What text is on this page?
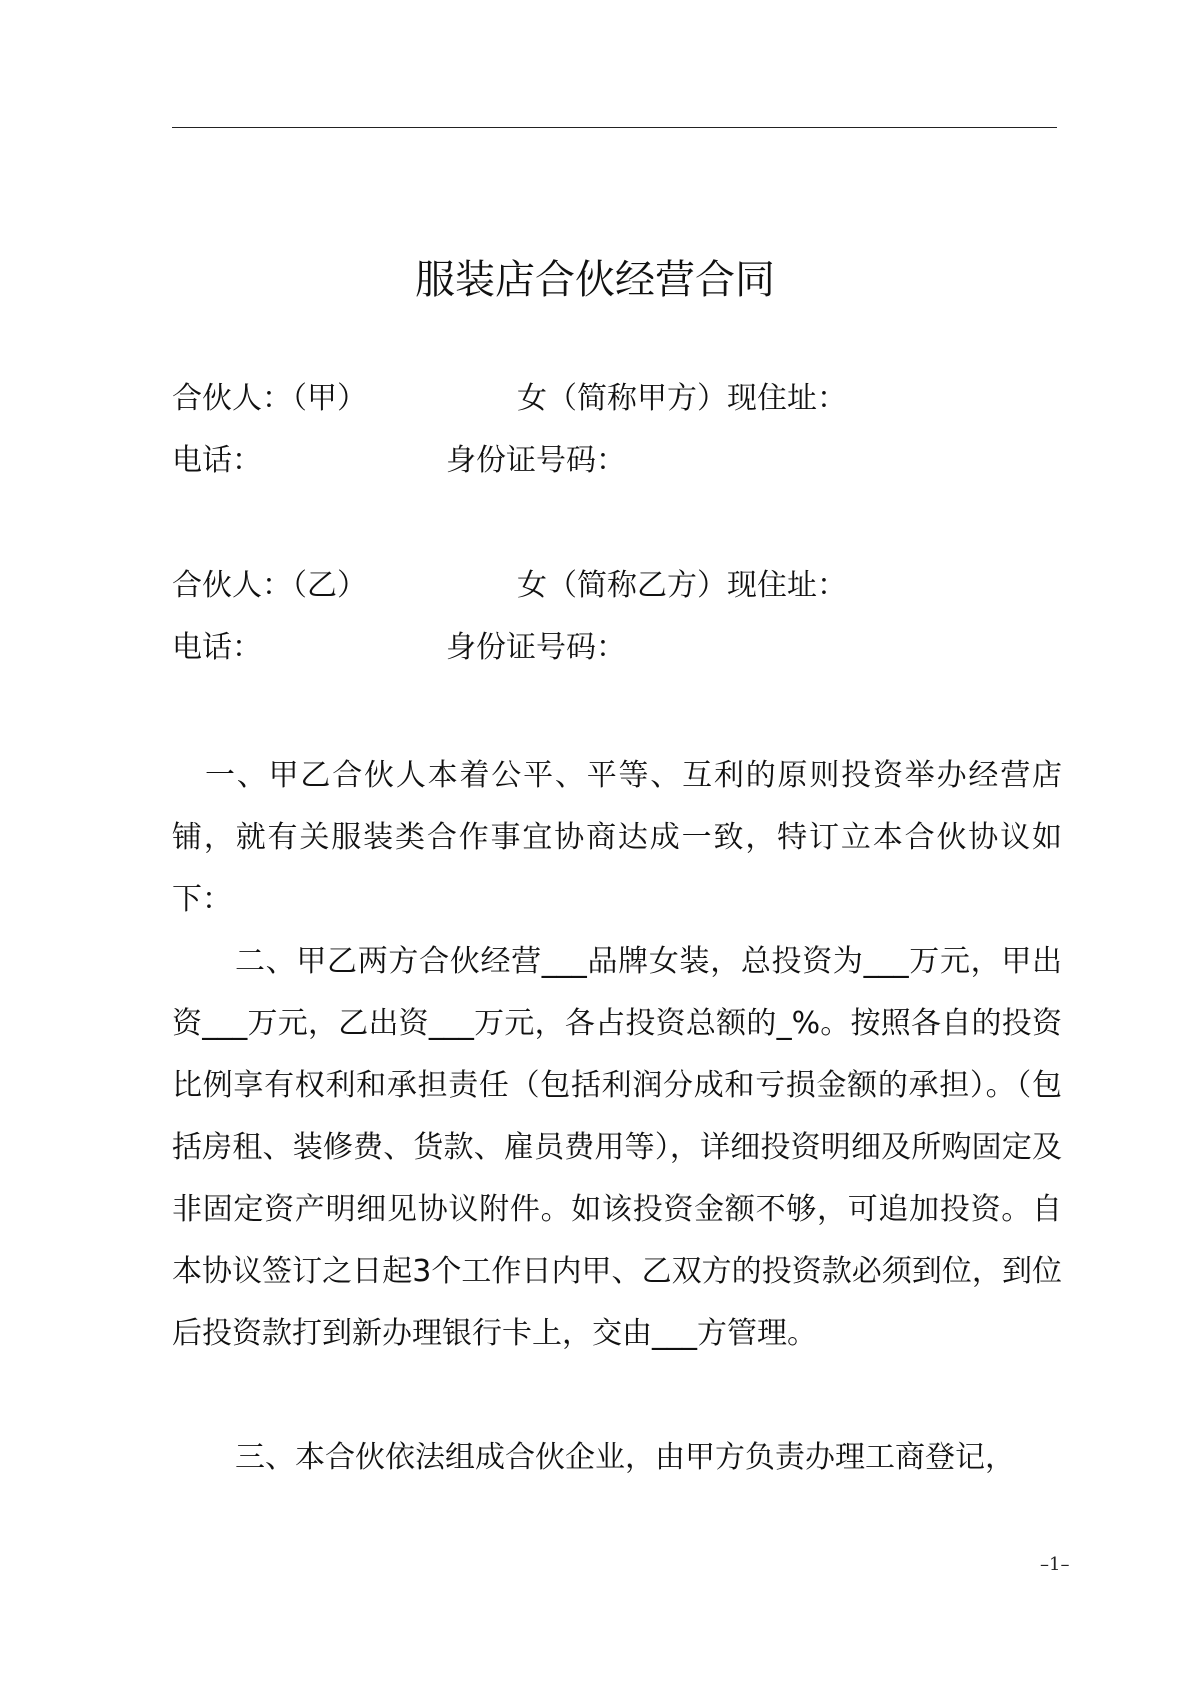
服装店合伙经营合同
合伙人：（甲）	女（简称甲方）现住址：
电话：	身份证号码：
合伙人：（乙）	女（简称乙方）现住址：
电话：	身份证号码：

一、甲乙合伙人本着公平、平等、互利的原则投资举办经营店铺，就有关服装类合作事宜协商达成一致，特订立本合伙协议如下：

二、甲乙两方合伙经营___品牌女装，总投资为___万元，甲出资___万元，乙出资___万元，各占投资总额的_%。按照各自的投资比例享有权利和承担责任（包括利润分成和亏损金额的承担）。（包括房租、装修费、货款、雇员费用等），详细投资明细及所购固定及非固定资产明细见协议附件。如该投资金额不够，可追加投资。自本协议签订之日起3个工作日内甲、乙双方的投资款必须到位，到位后投资款打到新办理银行卡上，交由___方管理。

三、本合伙依法组成合伙企业，由甲方负责办理工商登记，

–1–
